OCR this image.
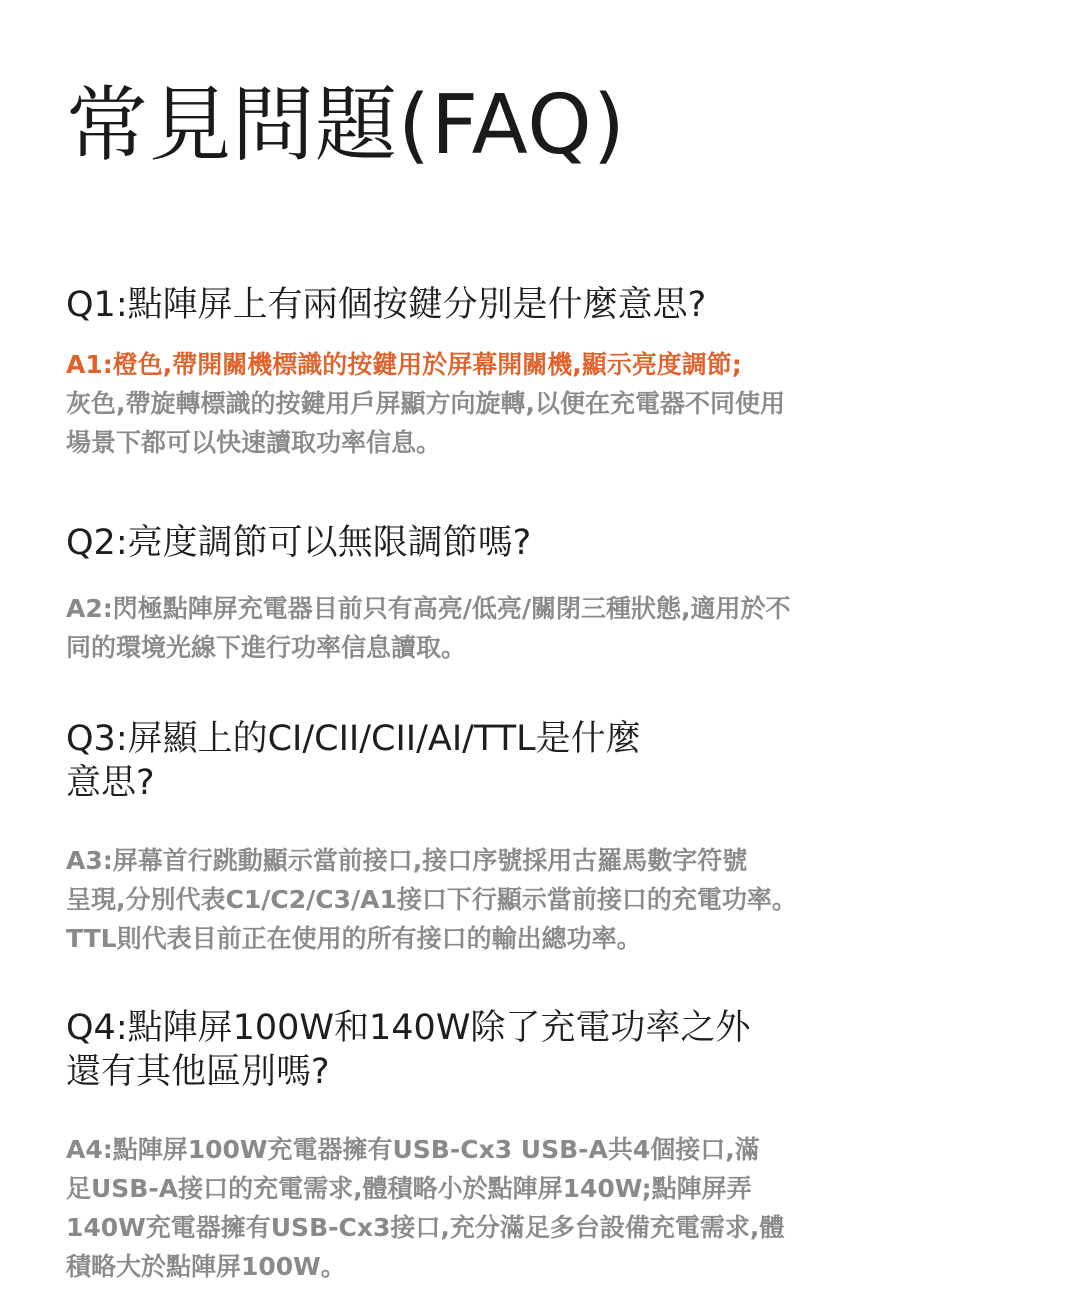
常見問題(FAQ)

Q1:點陣屏上有兩個按鍵分別是什麼意思?

A1:橙色,帶開關機標識的按鍵用於屏幕開關機,顯示亮度調節;
灰色,帶旋轉標識的按鍵用戶屏顯方向旋轉,以便在充電器不同使用
場景下都可以快速讀取功率信息。

Q2:亮度調節可以無限調節嗎?

A2:閃極點陣屏充電器目前只有高亮/低亮/關閉三種狀態,適用於不
同的環境光線下進行功率信息讀取。

Q3:屏顯上的CI/CII/CII/AI/TTL是什麼
意思?

A3:屏幕首行跳動顯示當前接口,接口序號採用古羅馬數字符號
呈現,分別代表C1/C2/C3/A1接口下行顯示當前接口的充電功率。
TTL則代表目前正在使用的所有接口的輸出總功率。

Q4:點陣屏100W和140W除了充電功率之外
還有其他區別嗎?

A4:點陣屏100W充電器擁有USB-Cx3 USB-A共4個接口,滿
足USB-A接口的充電需求,體積略小於點陣屏140W;點陣屏弄
140W充電器擁有USB-Cx3接口,充分滿足多台設備充電需求,體
積略大於點陣屏100W。
